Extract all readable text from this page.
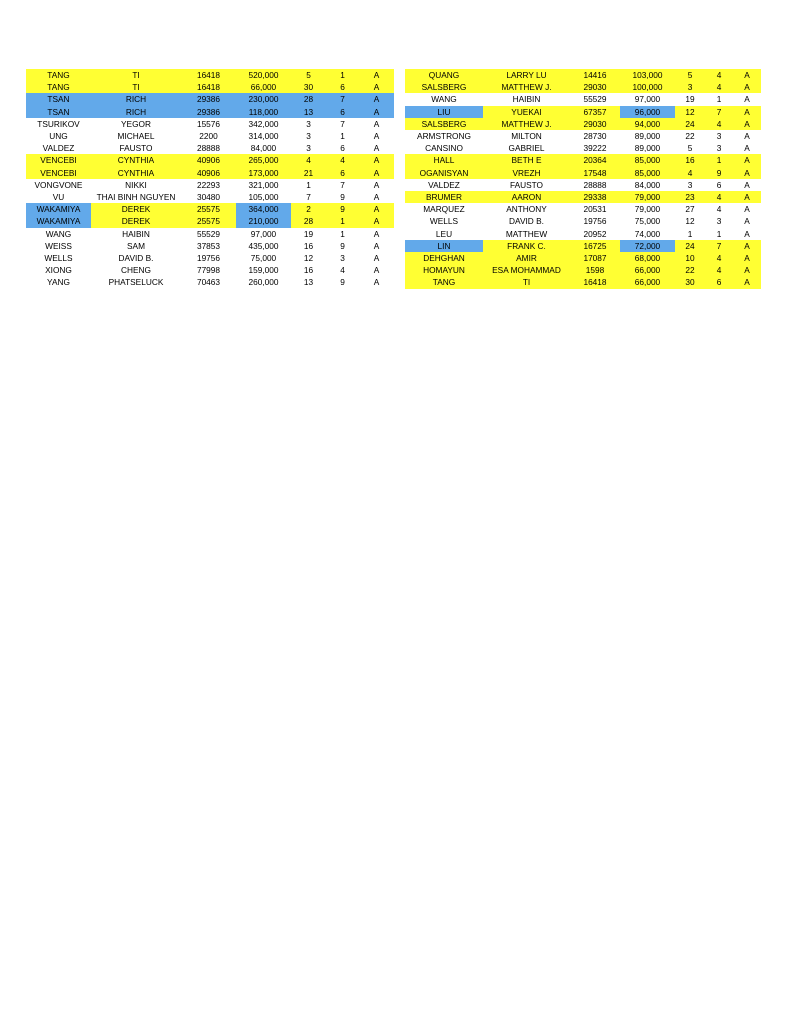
TANG	TI	16418	520,000	5	1	A
TANG	TI	16418	66,000	30	6	A
TSAN	RICH	29386	230,000	28	7	A
TSAN	RICH	29386	118,000	13	6	A
TSURIKOV	YEGOR	15576	342,000	3	7	A
UNG	MICHAEL	2200	314,000	3	1	A
VALDEZ	FAUSTO	28888	84,000	3	6	A
VENCEBI	CYNTHIA	40906	265,000	4	4	A
VENCEBI	CYNTHIA	40906	173,000	21	6	A
VONGVONE	NIKKI	22293	321,000	1	7	A
VU	THAI BINH NGUYEN	30480	105,000	7	9	A
WAKAMIYA	DEREK	25575	364,000	2	9	A
WAKAMIYA	DEREK	25575	210,000	28	1	A
WANG	HAIBIN	55529	97,000	19	1	A
WEISS	SAM	37853	435,000	16	9	A
WELLS	DAVID B.	19756	75,000	12	3	A
XIONG	CHENG	77998	159,000	16	4	A
YANG	PHATSELUCK	70463	260,000	13	9	A
QUANG	LARRY LU	14416	103,000	5	4	A
SALSBERG	MATTHEW J.	29030	100,000	3	4	A
WANG	HAIBIN	55529	97,000	19	1	A
LIU	YUEKAI	67357	96,000	12	7	A
SALSBERG	MATTHEW J.	29030	94,000	24	4	A
ARMSTRONG	MILTON	28730	89,000	22	3	A
CANSINO	GABRIEL	39222	89,000	5	3	A
HALL	BETH E	20364	85,000	16	1	A
OGANISYAN	VREZH	17548	85,000	4	9	A
VALDEZ	FAUSTO	28888	84,000	3	6	A
BRUMER	AARON	29338	79,000	23	4	A
MARQUEZ	ANTHONY	20531	79,000	27	4	A
WELLS	DAVID B.	19756	75,000	12	3	A
LEU	MATTHEW	20952	74,000	1	1	A
LIN	FRANK C.	16725	72,000	24	7	A
DEHGHAN	AMIR	17087	68,000	10	4	A
HOMAYUN	ESA MOHAMMAD	1598	66,000	22	4	A
TANG	TI	16418	66,000	30	6	A
